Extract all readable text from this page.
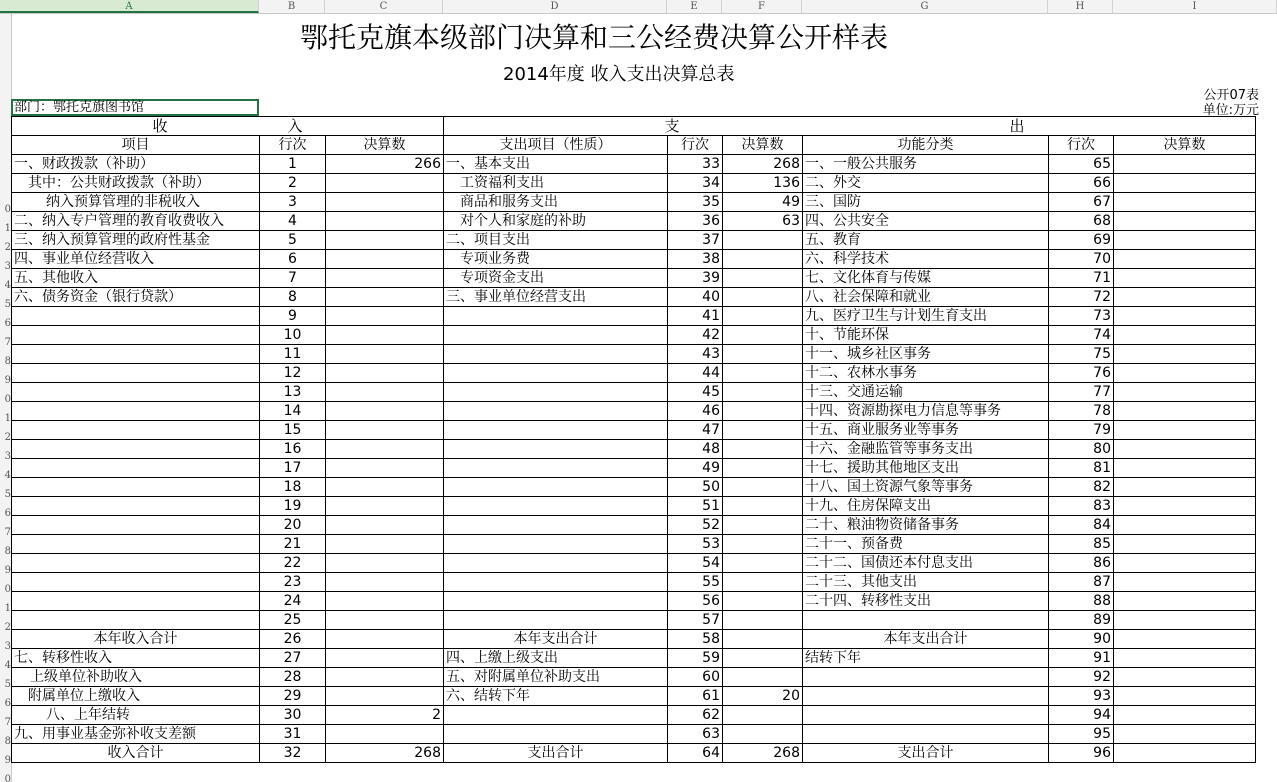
A	B	C	D	E	F	G	H	I
0
1
2
3
4
5
6
7
8
9
0
1
2
3
4
5
6
7
8
9
0
1
2
3
4
5
6
7
8
9
0
鄂托克旗本级部门决算和三公经费决算公开样表
2014年度 收入支出决算总表
公开07表
单位:万元
部门：鄂托克旗图书馆
收 入			支 出					
项目	行次	决算数	支出项目（性质）	行次	决算数	功能分类	行次	决算数
一、财政拨款（补助）	1	266	一、基本支出	33	268	一、一般公共服务	65	
其中：公共财政拨款（补助）	2		工资福利支出	34	136	二、外交	66	
纳入预算管理的非税收入	3		商品和服务支出	35	49	三、国防	67	
二、纳入专户管理的教育收费收入	4		对个人和家庭的补助	36	63	四、公共安全	68	
三、纳入预算管理的政府性基金	5		二、项目支出	37		五、教育	69	
四、事业单位经营收入	6		专项业务费	38		六、科学技术	70	
五、其他收入	7		专项资金支出	39		七、文化体育与传媒	71	
六、债务资金（银行贷款）	8		三、事业单位经营支出	40		八、社会保障和就业	72	
	9			41		九、医疗卫生与计划生育支出	73	
	10			42		十、节能环保	74	
	11			43		十一、城乡社区事务	75	
	12			44		十二、农林水事务	76	
	13			45		十三、交通运输	77	
	14			46		十四、资源勘探电力信息等事务	78	
	15			47		十五、商业服务业等事务	79	
	16			48		十六、金融监管等事务支出	80	
	17			49		十七、援助其他地区支出	81	
	18			50		十八、国土资源气象等事务	82	
	19			51		十九、住房保障支出	83	
	20			52		二十、粮油物资储备事务	84	
	21			53		二十一、预备费	85	
	22			54		二十二、国债还本付息支出	86	
	23			55		二十三、其他支出	87	
	24			56		二十四、转移性支出	88	
	25			57			89	
本年收入合计	26		本年支出合计	58		本年支出合计	90	
七、转移性收入	27		四、上缴上级支出	59		结转下年	91	
上级单位补助收入	28		五、对附属单位补助支出	60			92	
附属单位上缴收入	29		六、结转下年	61	20		93	
八、上年结转	30	2		62			94	
九、用事业基金弥补收支差额	31			63			95	
收入合计	32	268	支出合计	64	268	支出合计	96	
